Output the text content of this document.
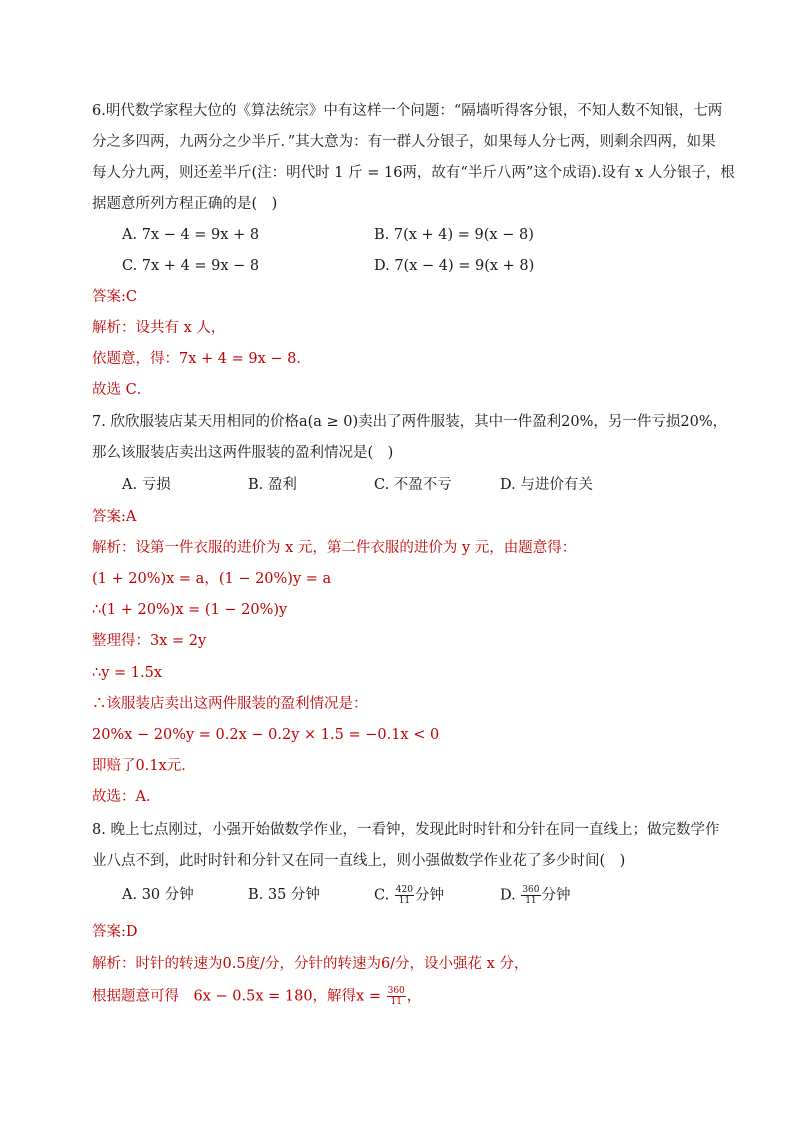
6.明代数学家程大位的《算法统宗》中有这样一个问题：“隔墙听得客分银，不知人数不知银，七两
分之多四两，九两分之少半斤．”其大意为：有一群人分银子，如果每人分七两，则剩余四两，如果
每人分九两，则还差半斤(注：明代时 1 斤 = 16两，故有“半斤八两”这个成语).设有 x 人分银子，根
据题意所列方程正确的是(　)
A. 7x − 4 = 9x + 8	B. 7(x + 4) = 9(x − 8)
C. 7x + 4 = 9x − 8	D. 7(x − 4) = 9(x + 8)
答案:C
解析：设共有 x 人，
依题意，得：7x + 4 = 9x − 8．
故选 C．
7. 欣欣服装店某天用相同的价格a(a ≥ 0)卖出了两件服装，其中一件盈利20%，另一件亏损20%，
那么该服装店卖出这两件服装的盈利情况是(　)
A. 亏损	B. 盈利	C. 不盈不亏	D. 与进价有关
答案:A
解析：设第一件衣服的进价为 x 元，第二件衣服的进价为 y 元，由题意得：
(1 + 20%)x = a，(1 − 20%)y = a
∴(1 + 20%)x = (1 − 20%)y
整理得：3x = 2y
∴y = 1.5x
∴该服装店卖出这两件服装的盈利情况是：
20%x − 20%y = 0.2x − 0.2y × 1.5 = −0.1x < 0
即赔了0.1x元．
故选：A．
8. 晚上七点刚过，小强开始做数学作业，一看钟，发现此时时针和分针在同一直线上；做完数学作
业八点不到，此时时针和分针又在同一直线上，则小强做数学作业花了多少时间(　)
A. 30 分钟	B. 35 分钟	C. $\frac{420}{11}$ 分钟	D. $\frac{360}{11}$ 分钟
答案:D
解析：时针的转速为0.5度/分，分针的转速为6/分，设小强花 x 分，
根据题意可得　6x − 0.5x = 180，解得$x = \frac{360}{11}$ ，
